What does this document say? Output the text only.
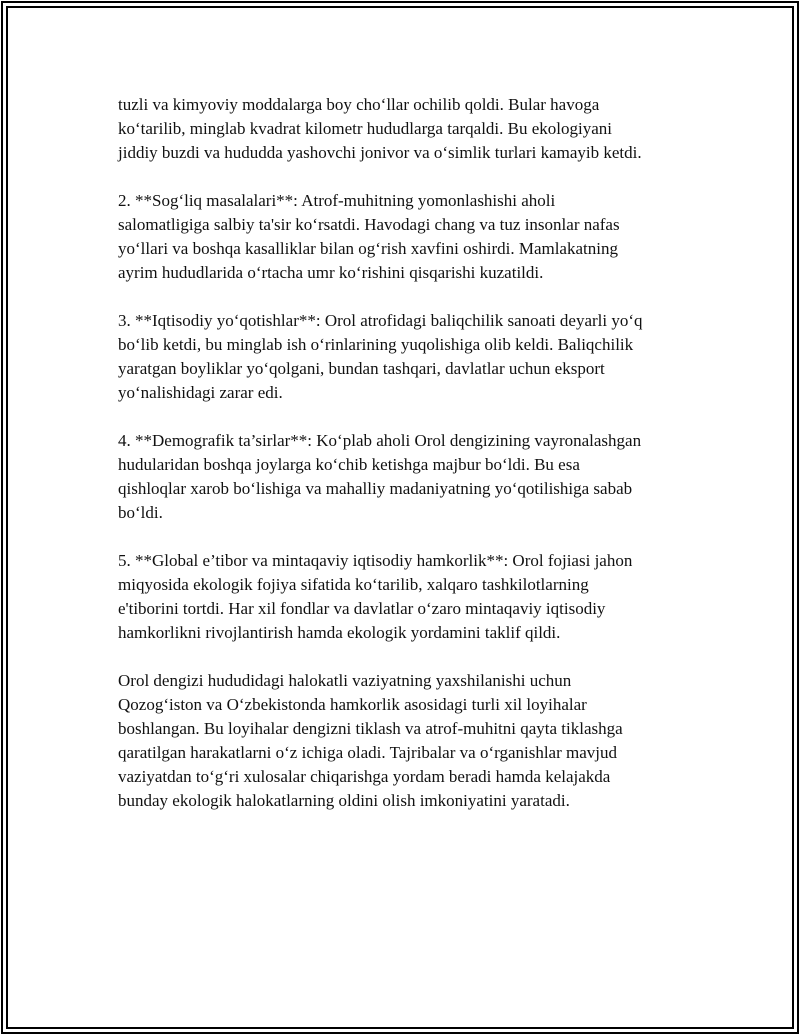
tuzli va kimyoviy moddalarga boy cho‘llar ochilib qoldi. Bular havoga
ko‘tarilib, minglab kvadrat kilometr hududlarga tarqaldi. Bu ekologiyani
jiddiy buzdi va hududda yashovchi jonivor va o‘simlik turlari kamayib ketdi.

2. **Sog‘liq masalalari**: Atrof-muhitning yomonlashishi aholi
salomatligiga salbiy ta'sir ko‘rsatdi. Havodagi chang va tuz insonlar nafas
yo‘llari va boshqa kasalliklar bilan og‘rish xavfini oshirdi. Mamlakatning
ayrim hududlarida o‘rtacha umr ko‘rishini qisqarishi kuzatildi.

3. **Iqtisodiy yo‘qotishlar**: Orol atrofidagi baliqchilik sanoati deyarli yo‘q
bo‘lib ketdi, bu minglab ish o‘rinlarining yuqolishiga olib keldi. Baliqchilik
yaratgan boyliklar yo‘qolgani, bundan tashqari, davlatlar uchun eksport
yo‘nalishidagi zarar edi.

4. **Demografik ta’sirlar**: Ko‘plab aholi Orol dengizining vayronalashgan
hudularidan boshqa joylarga ko‘chib ketishga majbur bo‘ldi. Bu esa
qishloqlar xarob bo‘lishiga va mahalliy madaniyatning yo‘qotilishiga sabab
bo‘ldi.

5. **Global e’tibor va mintaqaviy iqtisodiy hamkorlik**: Orol fojiasi jahon
miqyosida ekologik fojiya sifatida ko‘tarilib, xalqaro tashkilotlarning
e'tiborini tortdi. Har xil fondlar va davlatlar o‘zaro mintaqaviy iqtisodiy
hamkorlikni rivojlantirish hamda ekologik yordamini taklif qildi.

Orol dengizi hududidagi halokatli vaziyatning yaxshilanishi uchun
Qozog‘iston va O‘zbekistonda hamkorlik asosidagi turli xil loyihalar
boshlangan. Bu loyihalar dengizni tiklash va atrof-muhitni qayta tiklashga
qaratilgan harakatlarni o‘z ichiga oladi. Tajribalar va o‘rganishlar mavjud
vaziyatdan to‘g‘ri xulosalar chiqarishga yordam beradi hamda kelajakda
bunday ekologik halokatlarning oldini olish imkoniyatini yaratadi.
